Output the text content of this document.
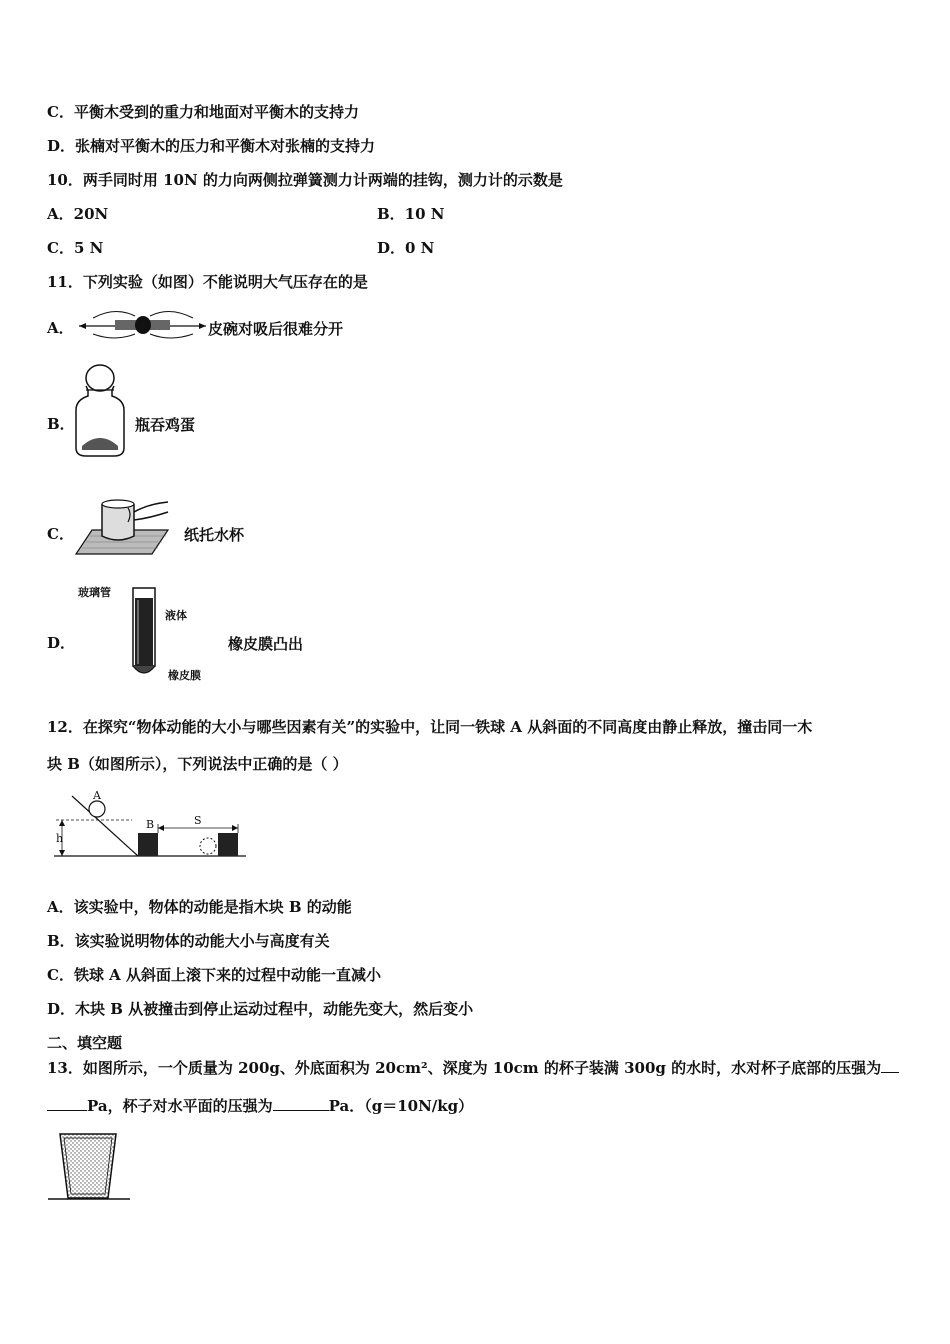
C．平衡木受到的重力和地面对平衡木的支持力
D．张楠对平衡木的压力和平衡木对张楠的支持力
10．两手同时用 10N 的力向两侧拉弹簧测力计两端的挂钩，测力计的示数是
A．20N	B．10 N
C．5 N	D．0 N
11．下列实验（如图）不能说明大气压存在的是
A．	皮碗对吸后很难分开
B．	瓶吞鸡蛋
C．	纸托水杯
D．
玻璃管
液体
橡皮膜
橡皮膜凸出
12．在探究“物体动能的大小与哪些因素有关”的实验中，让同一铁球 A 从斜面的不同高度由静止释放，撞击同一木
块 B（如图所示），下列说法中正确的是（ ）
A
B
h
S
A．该实验中，物体的动能是指木块 B 的动能
B．该实验说明物体的动能大小与高度有关
C．铁球 A 从斜面上滚下来的过程中动能一直减小
D．木块 B 从被撞击到停止运动过程中，动能先变大，然后变小
二、填空题
13．如图所示，一个质量为 200g、外底面积为 20cm²、深度为 10cm 的杯子装满 300g 的水时，水对杯子底部的压强为
Pa，杯子对水平面的压强为	Pa．（g＝10N/kg）
